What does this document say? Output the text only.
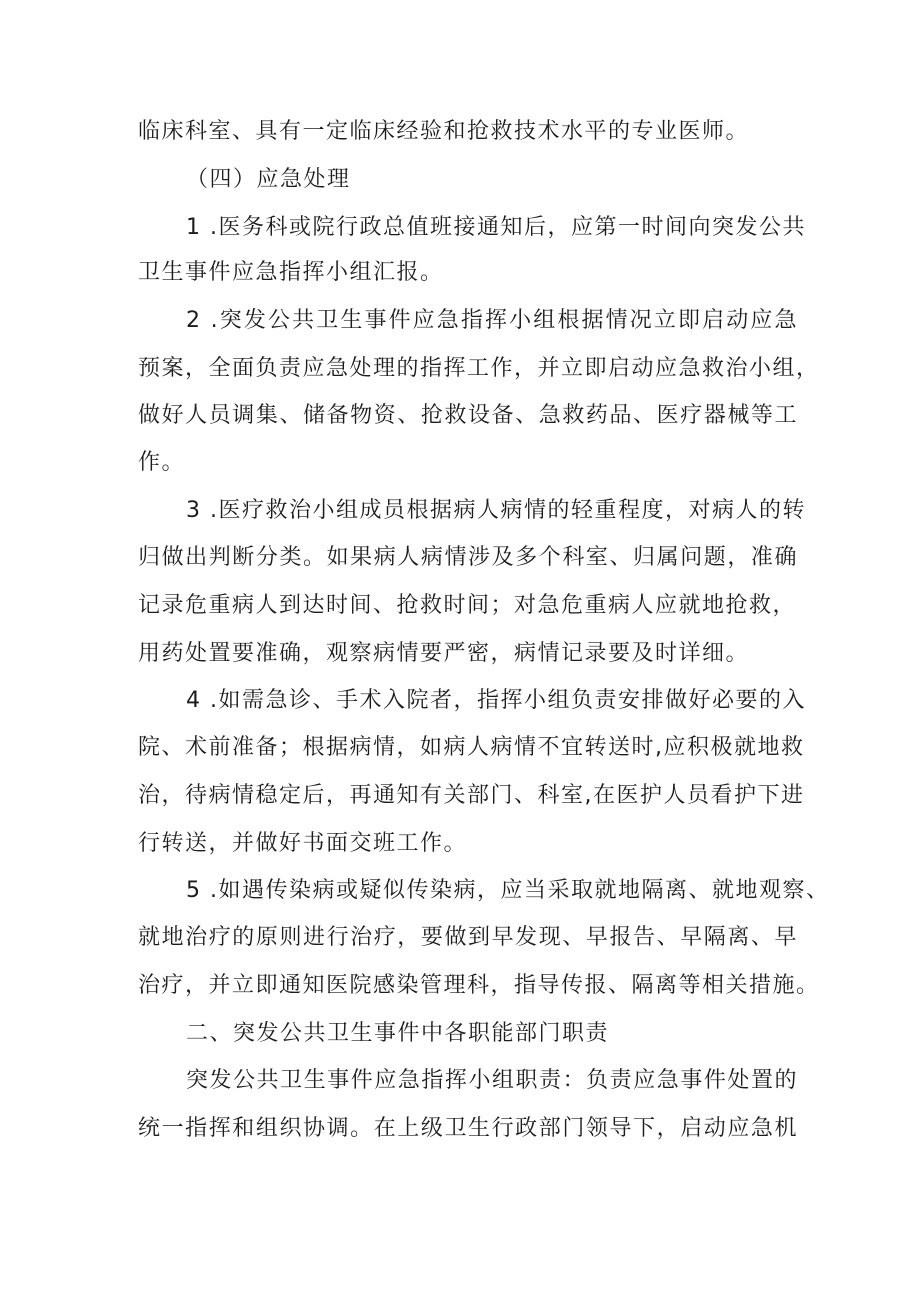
临床科室、具有一定临床经验和抢救技术水平的专业医师。
（四）应急处理
1 .医务科或院行政总值班接通知后，应第一时间向突发公共
卫生事件应急指挥小组汇报。
2 .突发公共卫生事件应急指挥小组根据情况立即启动应急
预案，全面负责应急处理的指挥工作，并立即启动应急救治小组，
做好人员调集、储备物资、抢救设备、急救药品、医疗器械等工
作。
3 .医疗救治小组成员根据病人病情的轻重程度，对病人的转
归做出判断分类。如果病人病情涉及多个科室、归属问题，准确
记录危重病人到达时间、抢救时间；对急危重病人应就地抢救，
用药处置要准确，观察病情要严密，病情记录要及时详细。
4 .如需急诊、手术入院者，指挥小组负责安排做好必要的入
院、术前准备；根据病情，如病人病情不宜转送时,应积极就地救
治，待病情稳定后，再通知有关部门、科室,在医护人员看护下进
行转送，并做好书面交班工作。
5 .如遇传染病或疑似传染病，应当采取就地隔离、就地观察、
就地治疗的原则进行治疗，要做到早发现、早报告、早隔离、早
治疗，并立即通知医院感染管理科，指导传报、隔离等相关措施。
二、突发公共卫生事件中各职能部门职责
突发公共卫生事件应急指挥小组职责：负责应急事件处置的
统一指挥和组织协调。在上级卫生行政部门领导下，启动应急机
